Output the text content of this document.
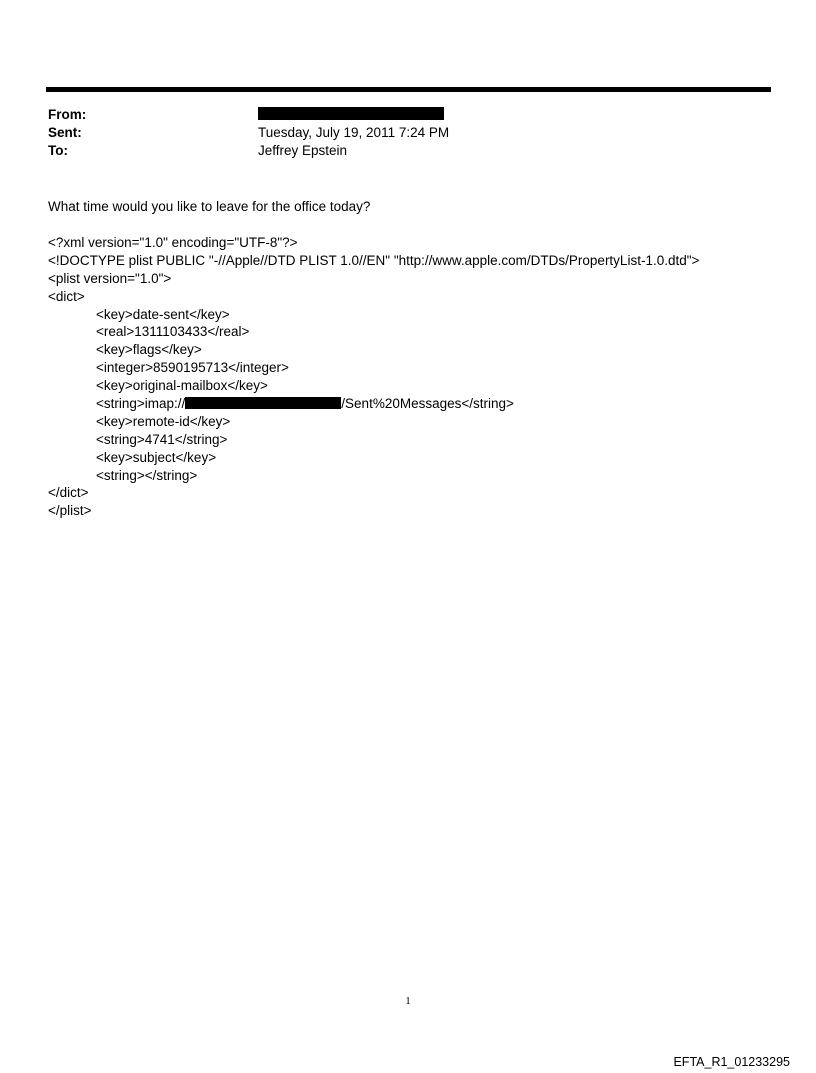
From:
Sent:	Tuesday, July 19, 2011 7:24 PM
To:	Jeffrey Epstein
What time would you like to leave for the office today?
<?xml version="1.0" encoding="UTF-8"?>
<!DOCTYPE plist PUBLIC "-//Apple//DTD PLIST 1.0//EN" "http://www.apple.com/DTDs/PropertyList-1.0.dtd">
<plist version="1.0">
<dict>
<key>date-sent</key>
<real>1311103433</real>
<key>flags</key>
<integer>8590195713</integer>
<key>original-mailbox</key>
<string>imap://	/Sent%20Messages</string>
<key>remote-id</key>
<string>4741</string>
<key>subject</key>
<string></string>
</dict>
</plist>
1
EFTA_R1_01233295
